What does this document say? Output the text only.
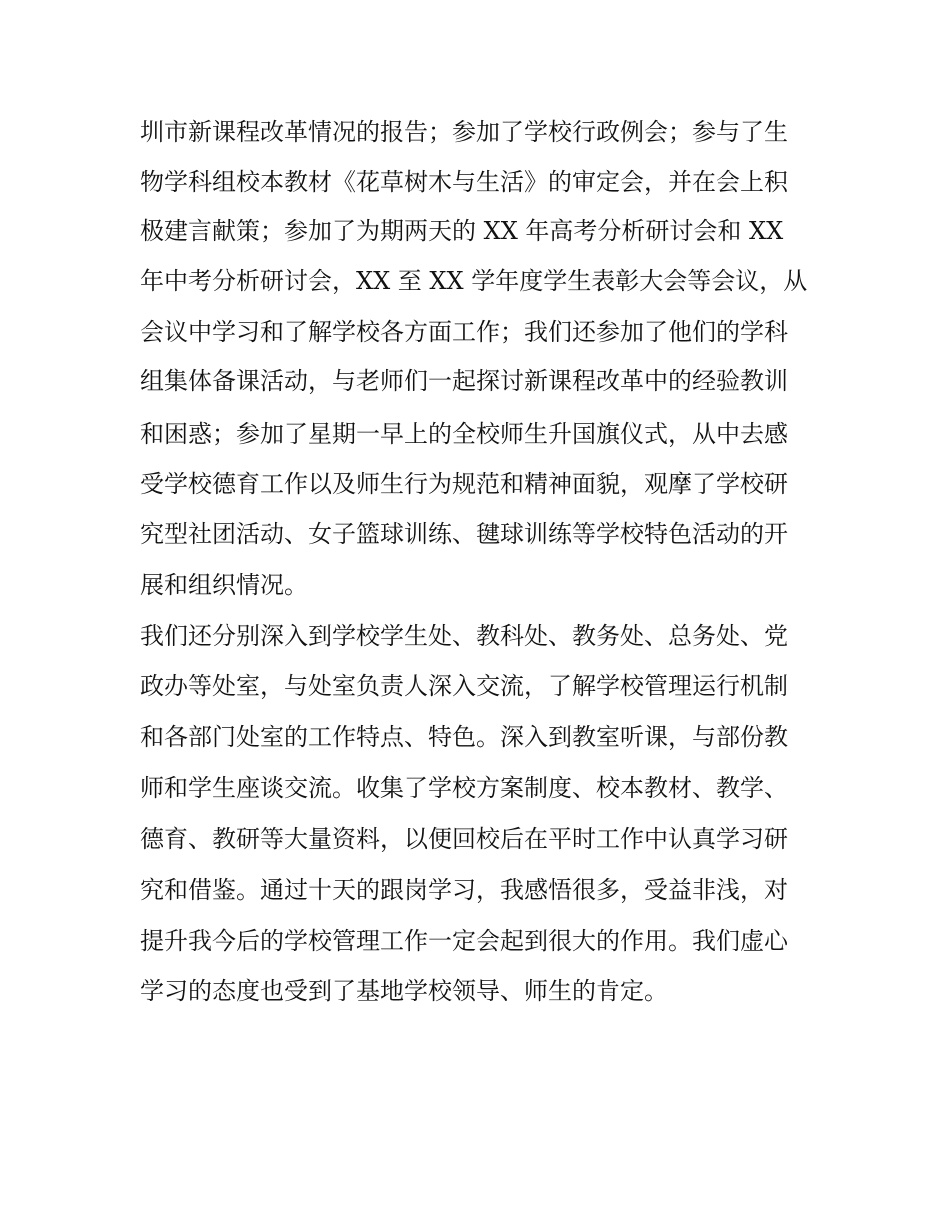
圳市新课程改革情况的报告；参加了学校行政例会；参与了生
物学科组校本教材《花草树木与生活》的审定会，并在会上积
极建言献策；参加了为期两天的 XX 年高考分析研讨会和 XX
年中考分析研讨会，XX 至 XX 学年度学生表彰大会等会议，从
会议中学习和了解学校各方面工作；我们还参加了他们的学科
组集体备课活动，与老师们一起探讨新课程改革中的经验教训
和困惑；参加了星期一早上的全校师生升国旗仪式，从中去感
受学校德育工作以及师生行为规范和精神面貌，观摩了学校研
究型社团活动、女子篮球训练、毽球训练等学校特色活动的开
展和组织情况。
我们还分别深入到学校学生处、教科处、教务处、总务处、党
政办等处室，与处室负责人深入交流，了解学校管理运行机制
和各部门处室的工作特点、特色。深入到教室听课，与部份教
师和学生座谈交流。收集了学校方案制度、校本教材、教学、
德育、教研等大量资料，以便回校后在平时工作中认真学习研
究和借鉴。通过十天的跟岗学习，我感悟很多，受益非浅，对
提升我今后的学校管理工作一定会起到很大的作用。我们虚心
学习的态度也受到了基地学校领导、师生的肯定。
